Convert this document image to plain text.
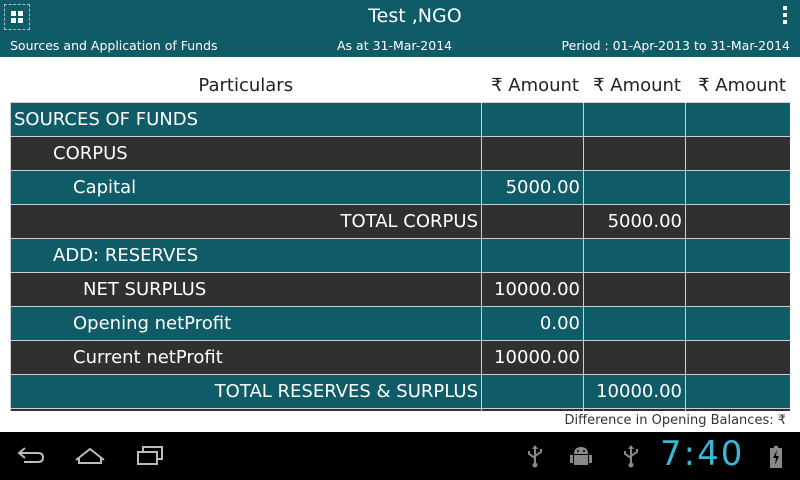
Test ,NGO
Sources and Application of Funds	As at 31-Mar-2014	Period : 01-Apr-2013 to 31-Mar-2014
Particulars	₹ Amount	₹ Amount	₹ Amount
SOURCES OF FUNDS			
CORPUS			
Capital	5000.00		
TOTAL CORPUS		5000.00	
ADD: RESERVES			
NET SURPLUS	10000.00		
Opening netProfit	0.00		
Current netProfit	10000.00		
TOTAL RESERVES & SURPLUS		10000.00	

Difference in Opening Balances: ₹
7:40
